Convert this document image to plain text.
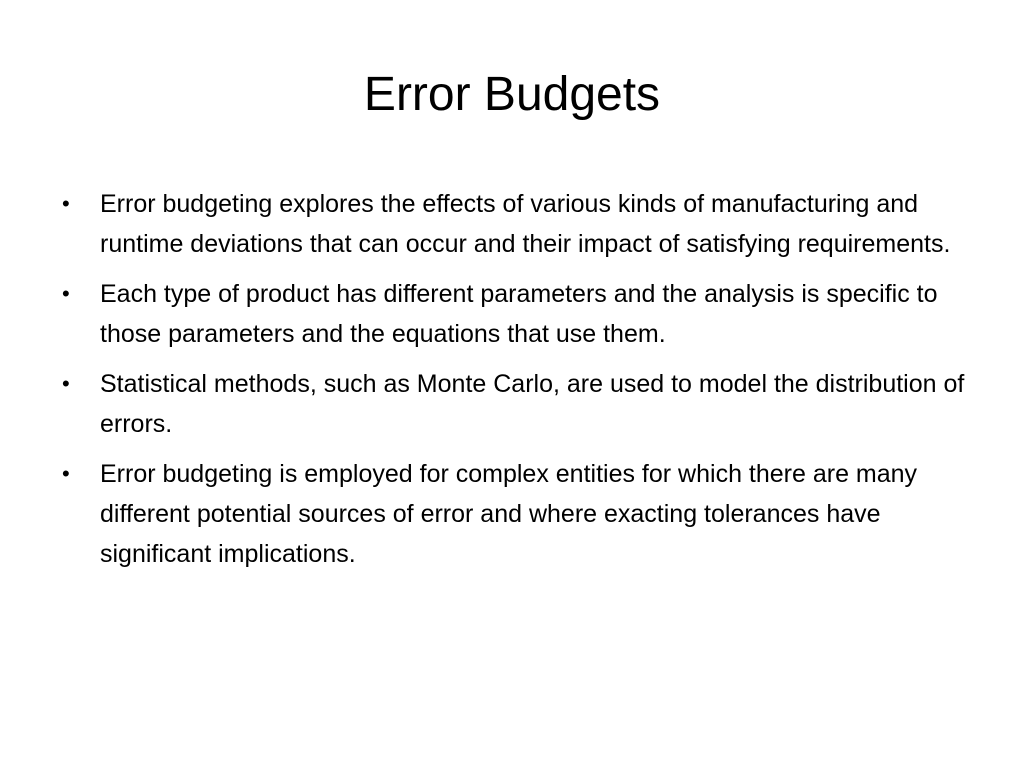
Error Budgets
•	Error budgeting explores the effects of various kinds of manufacturing and runtime deviations that can occur and their impact of satisfying requirements.
•	Each type of product has different parameters and the analysis is specific to those parameters and the equations that use them.
•	Statistical methods, such as Monte Carlo, are used to model the distribution of errors.
•	Error budgeting is employed for complex entities for which there are many different potential sources of error and where exacting tolerances have significant implications.
